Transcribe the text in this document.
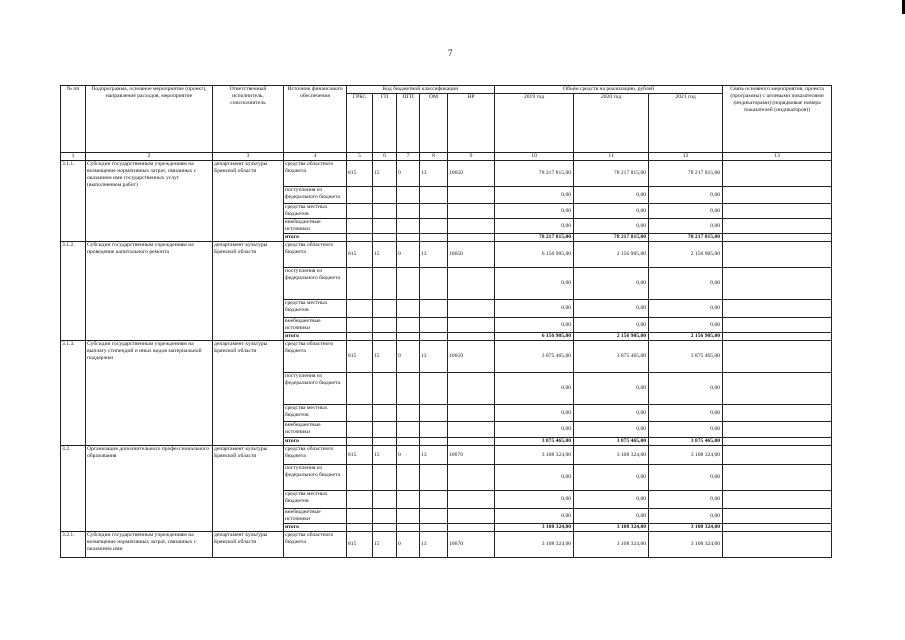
7
№ пп	Подпрограмма, основное мероприятие (проект), направление расходов, мероприятие	Ответственный исполнитель, соисполнитель	Источник финансового обеспечения	Код бюджетной классификации					Объём средств на реализацию, рублей			Связь основного мероприятия, проекта (программы) с целевыми показателями (индикаторами) (порядковые номера показателей (индикаторов))
				ГРБС	ГП	ПГП	ОМ	НР	2019 год	2020 год	2021 год	
1	2	3	4	5	6	7	8	9	10	11	12	13
3.1.1.	Субсидии государственным учреждениям на возмещение нормативных затрат, связанных с оказанием ими государственных услуг (выполнением работ)	департамент культуры Брянской области	средства областного бюджета	815	15	0	13	10650	78 217 815,00	78 217 815,00	78 217 815,00	
			поступления из федерального бюджета						0,00	0,00	0,00	
			средства местных бюджетов						0,00	0,00	0,00	
			внебюджетные источники						0,00	0,00	0,00	
			итого						78 217 815,00	78 217 815,00	78 217 815,00	
3.1.2.	Субсидии государственным учреждениям на проведение капитального ремонта	департамент культуры Брянской области	средства областного бюджета	815	15	0	13	10650	6 156 905,00	2 156 905,00	2 156 905,00	
			поступления из федерального бюджета						0,00	0,00	0,00	
			средства местных бюджетов						0,00	0,00	0,00	
			внебюджетные источники						0,00	0,00	0,00	
			итого						6 156 905,00	2 156 905,00	2 156 905,00	
3.1.3.	Субсидии государственным учреждениям на выплату стипендий и иных видов материальной поддержки	департамент культуры Брянской области	средства областного бюджета	815	15	0	13	10650	3 875 465,00	3 875 465,00	3 875 465,00	
			поступления из федерального бюджета						0,00	0,00	0,00	
			средства местных бюджетов						0,00	0,00	0,00	
			внебюджетные источники						0,00	0,00	0,00	
			итого						3 875 465,00	3 875 465,00	3 875 465,00	
3.2.	Организация дополнительного профессионального образования	департамент культуры Брянской области	средства областного бюджета	815	15	0	13	10670	3 108 324,00	3 108 324,00	3 108 324,00	
			поступления из федерального бюджета						0,00	0,00	0,00	
			средства местных бюджетов						0,00	0,00	0,00	
			внебюджетные источники						0,00	0,00	0,00	
			итого						3 108 324,00	3 108 324,00	3 108 324,00	
3.2.1.	Субсидии государственным учреждениям на возмещение нормативных затрат, связанных с оказанием ими	департамент культуры Брянской области	средства областного бюджета	815	15	0	13	10670	3 108 324,00	3 108 324,00	3 108 324,00	
